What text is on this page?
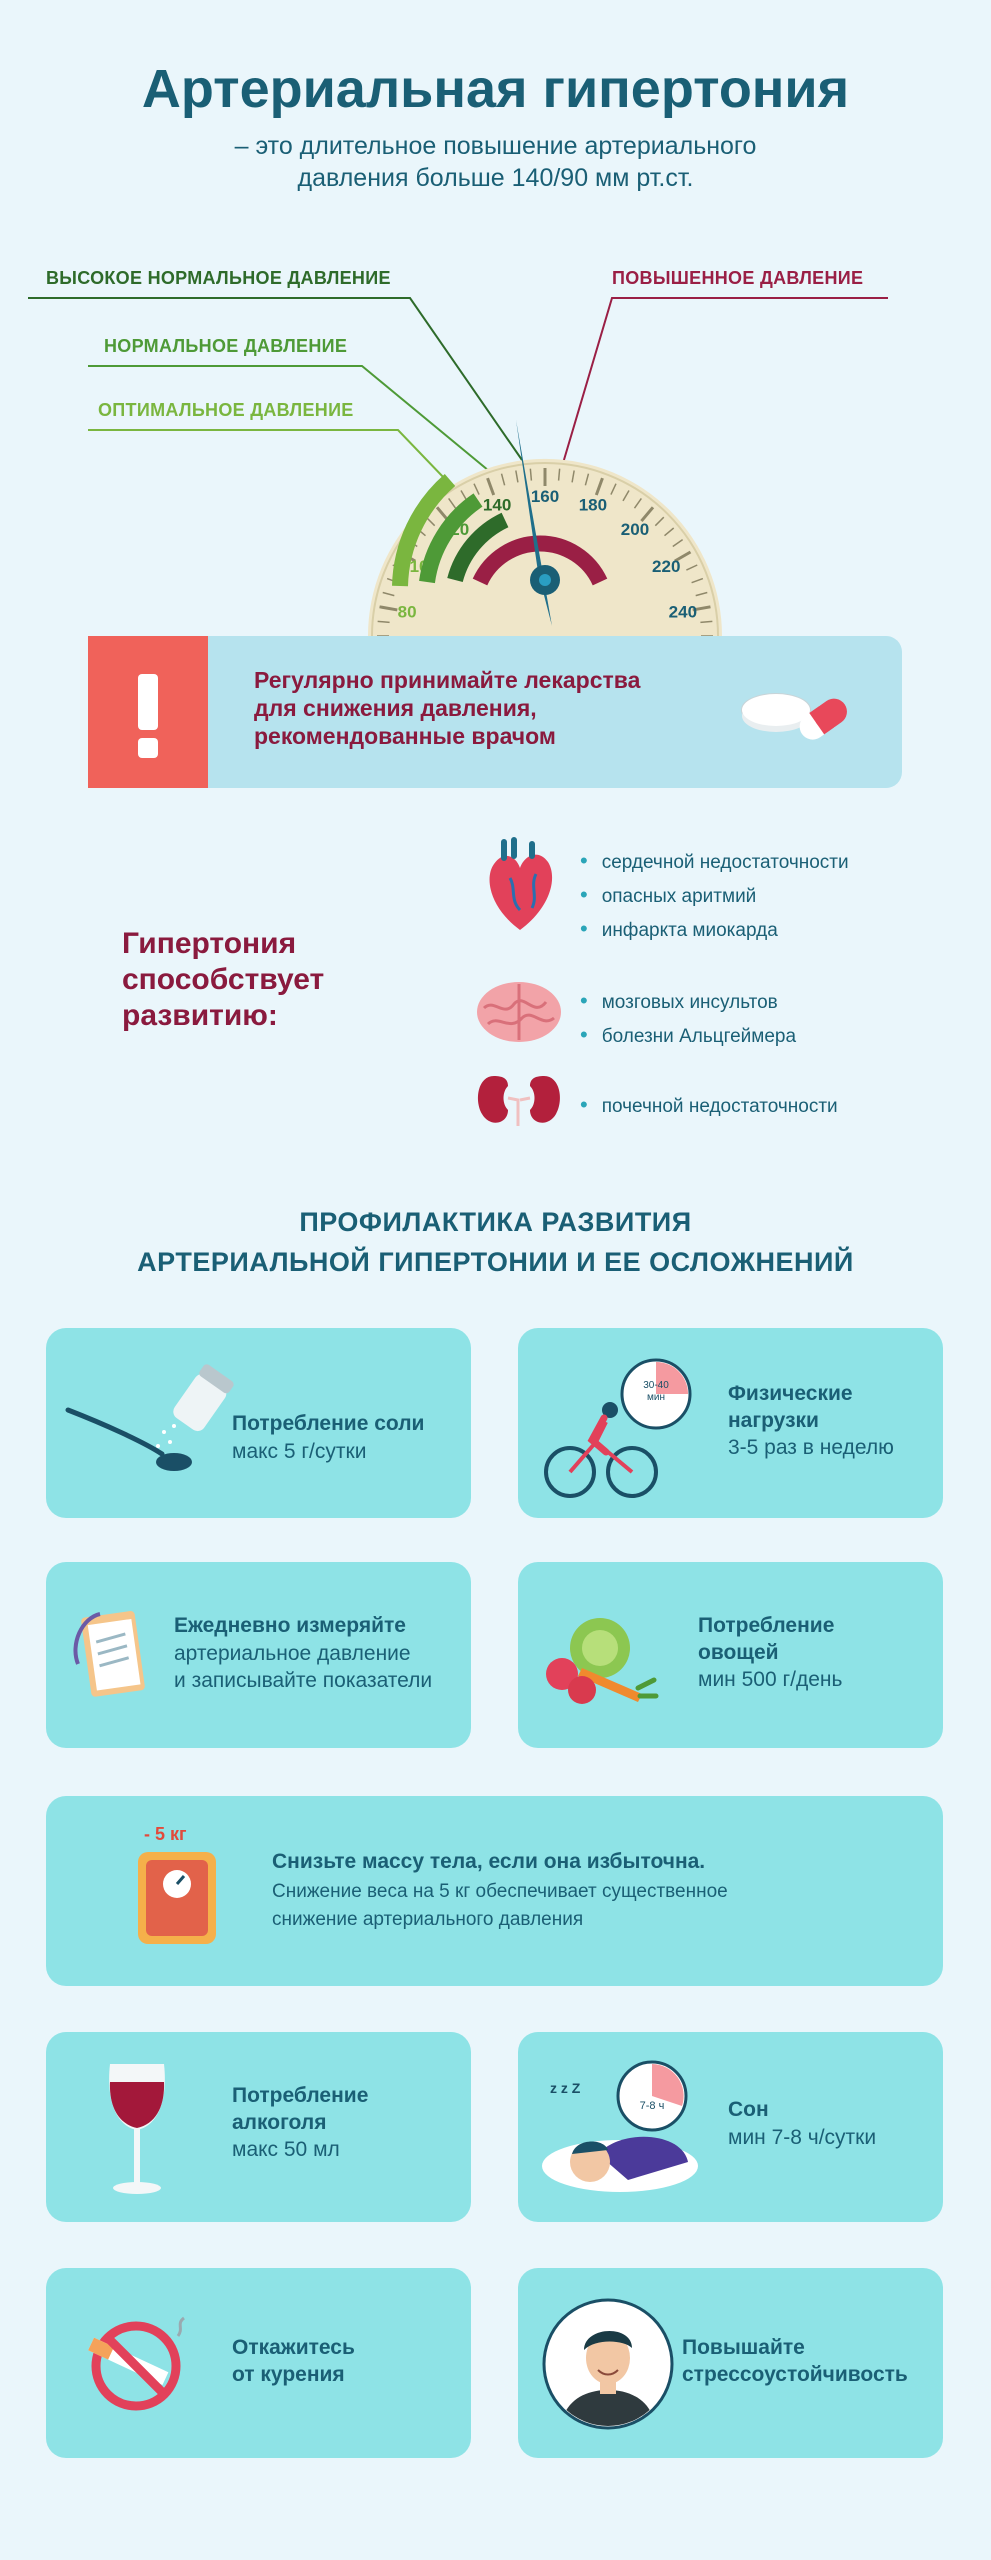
Артериальная гипертония
– это длительное повышение артериального
давления больше 140/90 мм рт.ст.
80
100
120
140 160 180
200
220
240
ВЫСОКОЕ НОРМАЛЬНОЕ ДАВЛЕНИЕ
НОРМАЛЬНОЕ ДАВЛЕНИЕ
ОПТИМАЛЬНОЕ ДАВЛЕНИЕ
ПОВЫШЕННОЕ ДАВЛЕНИЕ
Регулярно принимайте лекарства
для снижения давления,
рекомендованные врачом
Гипертония
способствует
развитию:
• сердечной недостаточности
• опасных аритмий
• инфаркта миокарда
• мозговых инсультов
• болезни Альцгеймера
• почечной недостаточности
ПРОФИЛАКТИКА РАЗВИТИЯ
АРТЕРИАЛЬНОЙ ГИПЕРТОНИИ И ЕЕ ОСЛОЖНЕНИЙ
Потребление соли
макс 5 г/сутки
30-40
мин	Физические
нагрузки
3-5 раз в неделю
Ежедневно измеряйте
артериальное давление
и записывайте показатели
Потребление
овощей
мин 500 г/день
- 5 кг
Снизьте массу тела, если она избыточна.
Снижение веса на 5 кг обеспечивает существенное
снижение артериального давления
Потребление
алкоголя
макс 50 мл
z z Z
7-8 ч	Сон
мин 7-8 ч/сутки
Откажитесь
от курения
Повышайте
стрессоустойчивость
